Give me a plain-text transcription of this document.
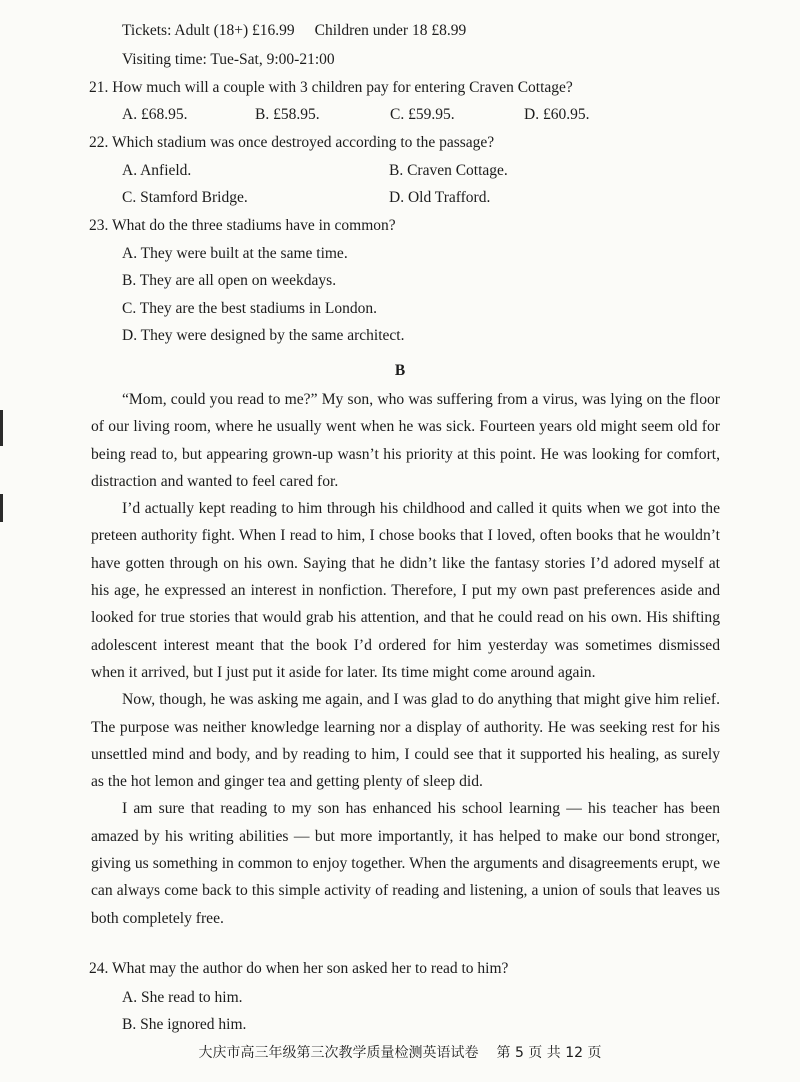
Tickets: Adult (18+) £16.99 Children under 18 £8.99
Visiting time: Tue-Sat, 9:00-21:00
21. How much will a couple with 3 children pay for entering Craven Cottage?
A. £68.95.	B. £58.95.	C. £59.95.	D. £60.95.
22. Which stadium was once destroyed according to the passage?
A. Anfield.	B. Craven Cottage.
C. Stamford Bridge.	D. Old Trafford.
23. What do the three stadiums have in common?
A. They were built at the same time.
B. They are all open on weekdays.
C. They are the best stadiums in London.
D. They were designed by the same architect.
B

“Mom, could you read to me?” My son, who was suffering from a virus, was lying on the floor of our living room, where he usually went when he was sick. Fourteen years old might seem old for being read to, but appearing grown-up wasn’t his priority at this point. He was looking for comfort, distraction and wanted to feel cared for.

I’d actually kept reading to him through his childhood and called it quits when we got into the preteen authority fight. When I read to him, I chose books that I loved, often books that he wouldn’t have gotten through on his own. Saying that he didn’t like the fantasy stories I’d adored myself at his age, he expressed an interest in nonfiction. Therefore, I put my own past preferences aside and looked for true stories that would grab his attention, and that he could read on his own. His shifting adolescent interest meant that the book I’d ordered for him yesterday was sometimes dismissed when it arrived, but I just put it aside for later. Its time might come around again.

Now, though, he was asking me again, and I was glad to do anything that might give him relief. The purpose was neither knowledge learning nor a display of authority. He was seeking rest for his unsettled mind and body, and by reading to him, I could see that it supported his healing, as surely as the hot lemon and ginger tea and getting plenty of sleep did.

I am sure that reading to my son has enhanced his school learning — his teacher has been amazed by his writing abilities — but more importantly, it has helped to make our bond stronger, giving us something in common to enjoy together. When the arguments and disagreements erupt, we can always come back to this simple activity of reading and listening, a union of souls that leaves us both completely free.

24. What may the author do when her son asked her to read to him?
A. She read to him.
B. She ignored him.
大庆市高三年级第三次教学质量检测英语试卷 第 5 页 共 12 页
